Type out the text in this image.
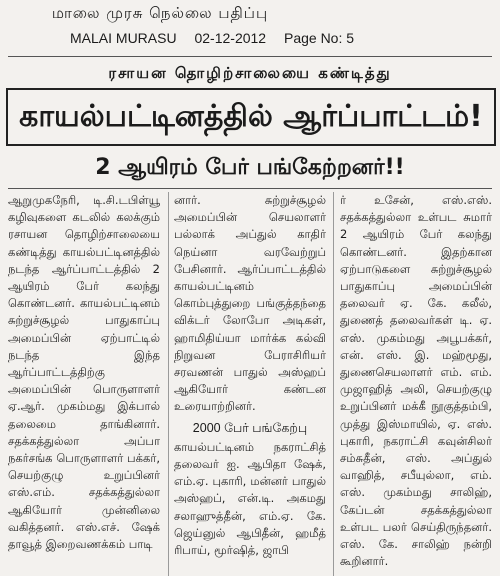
மாலை முரசு நெல்லை பதிப்பு
MALAI MURASU 02-12-2012 Page No: 5
ரசாயன தொழிற்சாலையை கண்டித்து
காயல்பட்டினத்தில் ஆர்ப்பாட்டம்!
2 ஆயிரம் பேர் பங்கேற்றனர்!!

ஆறுமுகநேரி, டி.சி.டபிள்யூ கழிவுகளை கடலில் கலக்கும் ரசாயன தொழிற்சாலையை கண்டித்து காயல்பட்டினத்தில் நடந்த ஆர்ப்பாட்டத்தில் 2 ஆயிரம் பேர் கலந்து கொண்டனர். காயல்பட்டினம் சுற்றுச்சூழல் பாதுகாப்பு அமைப்பின் ஏற்பாட்டில் நடந்த இந்த ஆர்ப்பாட்டத்திற்கு அமைப்பின் பொருளாளர் ஏ.ஆர். முகம்மது இக்பால் தலைமை தாங்கினார். சதக்கத்துல்லா அப்பா நகர்சங்க பொருளாளர் பக்கர், செயற்குழு உறுப்பினர் எஸ்.எம். சதக்கத்துல்லா ஆகியோர் முன்னிலை வகித்தனர். எஸ்.எச். ஷேக் தாவூத் இறைவணக்கம் பாடி

னார். சுற்றுச்சூழல் அமைப்பின் செயலாளர் பல்லாக் அப்துல் காதிர் நெய்னா வரவேற்றுப் பேசினார். ஆர்ப்பாட்டத்தில் காயல்பட்டினம் கொம்புத்துறை பங்குத்தந்தை விக்டர் லோபோ அடிகள், ஹாமிதிய்யா மார்க்க கல்வி நிறுவன பேராசிரியர் சரவணன் பாதுல் அஸ்ஹப் ஆகியோர் கண்டன உரையாற்றினர்.

2000 பேர் பங்கேற்பு

காயல்பட்டினம் நகராட்சித் தலைவர் ஐ. ஆபிதா ஷேக், எம்.ஏ. புகாரி, மன்னர் பாதுல் அஸ்ஹப், என்.டி. அகமது சலாஹுத்தீன், எம்.ஏ. கே. ஜெய்னுல் ஆபிதீன், ஹமீத் ரிபாய், மூர்ஷித், ஜாபி

ர் உசேன், எஸ்.எஸ். சதக்கத்துல்லா உள்பட சுமார் 2 ஆயிரம் பேர் கலந்து கொண்டனர். இதற்கான ஏற்பாடுகளை சுற்றுச்சூழல் பாதுகாப்பு அமைப்பின் தலைவர் ஏ. கே. கலீல், துணைத் தலைவர்கள் டி. ஏ. எஸ். முகம்மது அபூபக்கர், என். எஸ். இ. மஹ்மூது, துணைசெயலாளர் எம். எம். முஜாஹித் அலி, செயற்குழு உறுப்பினர் மக்கீ நூகுத்தம்பி, முத்து இஸ்மாயில், ஏ. எஸ். புகாரி, நகராட்சி கவுன்சிலர் சம்சுதீன், எஸ். அப்துல் வாஹித், சபீயுல்லா, எம். எஸ். முகம்மது சாலிஹ், கேப்டன் சதக்கத்துல்லா உள்பட பலர் செய்திருந்தனர். எஸ். கே. சாலிஹ் நன்றி கூறினார்.
